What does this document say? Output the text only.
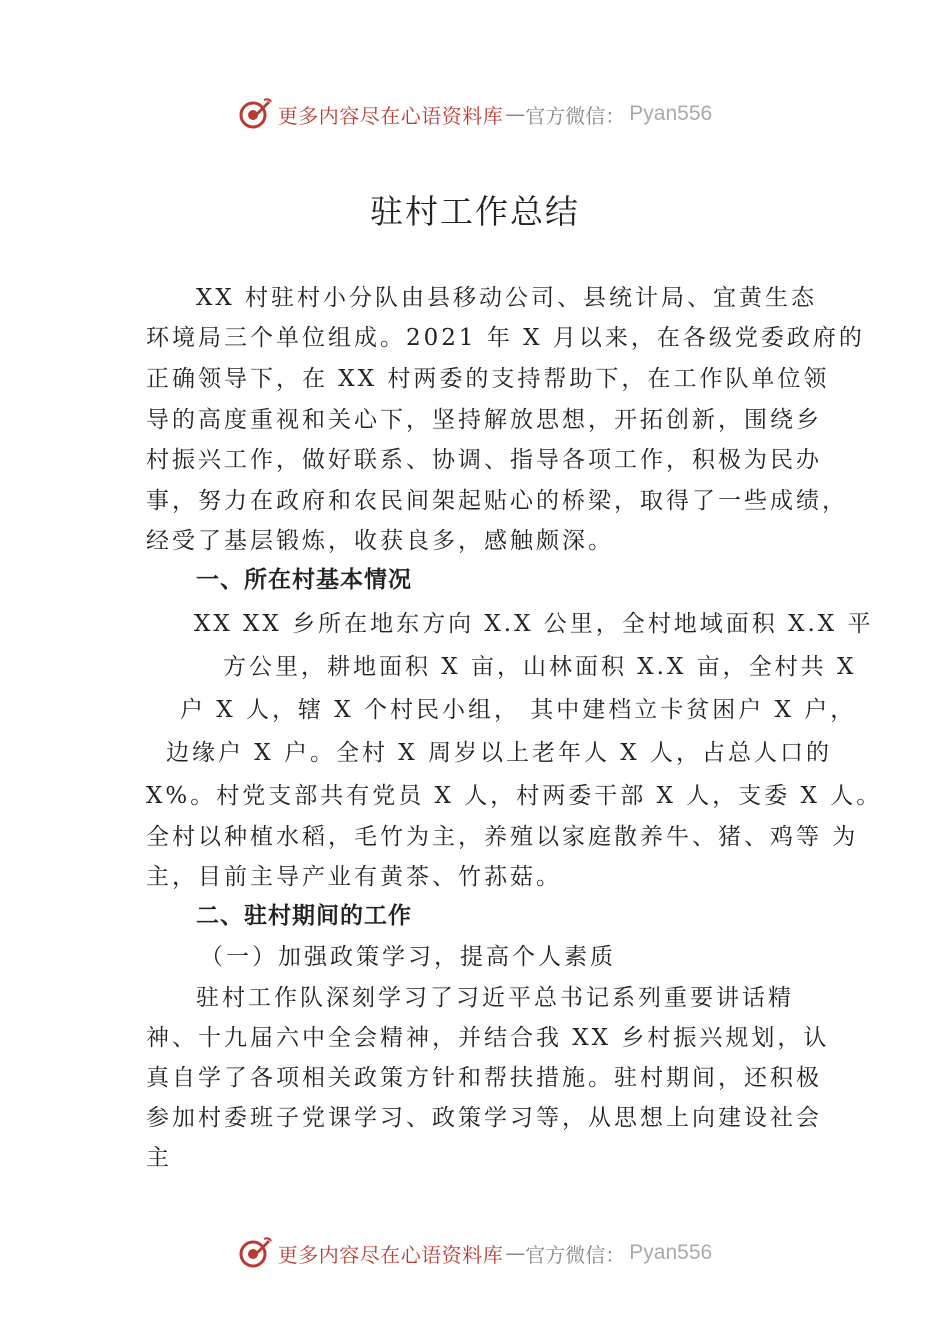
更多内容尽在心语资料库 — 官方微信： Pyan556
驻村工作总结
XX 村驻村小分队由县移动公司、县统计局、宜黄生态
环境局三个单位组成。2021 年 X 月以来，在各级党委政府的
正确领导下，在 XX 村两委的支持帮助下，在工作队单位领
导的高度重视和关心下，坚持解放思想，开拓创新，围绕乡
村振兴工作，做好联系、协调、指导各项工作，积极为民办
事，努力在政府和农民间架起贴心的桥梁，取得了一些成绩，
经受了基层锻炼，收获良多，感触颇深。
一、所在村基本情况
XX XX 乡所在地东方向 X.X 公里，全村地域面积 X.X 平
方公里，耕地面积 X 亩，山林面积 X.X 亩，全村共 X
户 X 人，辖 X 个村民小组， 其中建档立卡贫困户 X 户，
边缘户 X 户。全村 X 周岁以上老年人 X 人，占总人口的
X%。村党支部共有党员 X 人，村两委干部 X 人，支委 X 人。
全村以种植水稻，毛竹为主，养殖以家庭散养牛、猪、鸡等 为
主，目前主导产业有黄茶、竹荪菇。
二、驻村期间的工作
（一）加强政策学习，提高个人素质
驻村工作队深刻学习了习近平总书记系列重要讲话精
神、十九届六中全会精神，并结合我 XX 乡村振兴规划，认
真自学了各项相关政策方针和帮扶措施。驻村期间，还积极
参加村委班子党课学习、政策学习等，从思想上向建设社会
主
更多内容尽在心语资料库 — 官方微信： Pyan556
